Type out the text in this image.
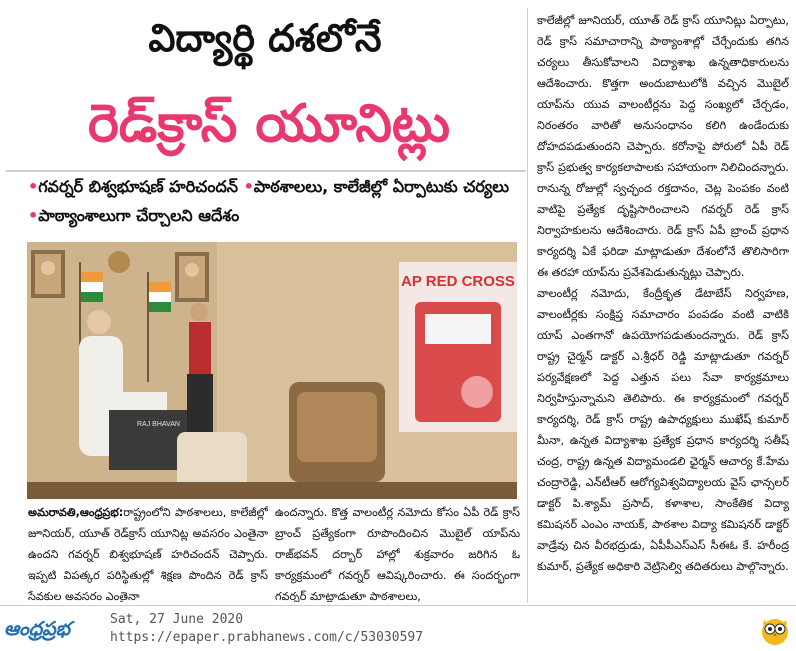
విద్యార్థి దశలోనే
రెడ్‌క్రాస్ యూనిట్లు
•గవర్నర్ బిశ్వభూషణ్ హరిచందన్ •పాఠశాలలు, కాలేజీల్లో ఏర్పాటుకు చర్యలు •పాఠ్యాంశాలుగా చేర్చాలని ఆదేశం
AP RED CROSS
RAJ BHAVAN
అమరావతి,ఆంధ్రప్రభ:రాష్ట్రంలోని పాఠశాలలు, కాలేజీల్లో జూనియర్, యూత్ రెడ్‌క్రాస్ యూనిట్ల అవసరం ఎంతైనా ఉందని గవర్నర్ బిశ్వభూషణ్ హరిచందన్ చెప్పారు. ఇప్పటి విపత్కర పరిస్థితుల్లో శిక్షణ పొందిన రెడ్ క్రాస్ సేవకుల అవసరం ఎంతైనా
ఉందన్నారు. కొత్త వాలంటీర్ల నమోదు కోసం ఏపీ రెడ్ క్రాస్ బ్రాంచ్ ప్రత్యేకంగా రూపొందించిన మొబైల్ యాప్‌ను రాజ్‌భవన్ దర్బార్ హాల్లో శుక్రవారం జరిగిన ఓ కార్యక్రమంలో గవర్నర్ ఆవిష్కరించారు. ఈ సందర్భంగా గవర్నర్ మాట్లాడుతూ పాఠశాలలు,
కాలేజీల్లో జూనియర్, యూత్ రెడ్ క్రాస్ యూనిట్లు ఏర్పాటు, రెడ్ క్రాస్ సమాచారాన్ని పాఠ్యాంశాల్లో చేర్చేందుకు తగిన చర్యలు తీసుకోవాలని విద్యాశాఖ ఉన్నతాధికారులను ఆదేశించారు. కొత్తగా అందుబాటులోకి వచ్చిన మొబైల్ యాప్‌ను యువ వాలంటీర్లను పెద్ద సంఖ్యలో చేర్చడం, నిరంతరం వారితో అనుసంధానం కలిగి ఉండేందుకు దోహదపడుతుందని చెప్పారు. కరోనాపై పోరులో ఏపీ రెడ్ క్రాస్ ప్రభుత్వ కార్యకలాపాలకు సహాయంగా నిలిచిందన్నారు. రానున్న రోజుల్లో స్వచ్ఛంద రక్తదానం, చెట్ల పెంపకం వంటి వాటిపై ప్రత్యేక దృష్టిసారించాలని గవర్నర్ రెడ్ క్రాస్ నిర్వాహకులను ఆదేశించారు. రెడ్ క్రాస్ ఏపీ బ్రాంచ్ ప్రధాన కార్యదర్శి ఏకే ఫరిడా మాట్లాడుతూ దేశంలోనే తొలిసారిగా ఈ తరహా యాప్‌ను ప్రవేశపెడుతున్నట్లు చెప్పారు.
వాలంటీర్ల నమోదు, కేంద్రీకృత డేటాబేస్ నిర్వహణ, వాలంటీర్లకు సంక్షిప్త సమాచారం పంపడం వంటి వాటికి యాప్ ఎంతగానో ఉపయోగపడుతుందన్నారు. రెడ్ క్రాస్ రాష్ట్ర చైర్మన్ డాక్టర్ ఎ.శ్రీధర్ రెడ్డి మాట్లాడుతూ గవర్నర్ పర్యవేక్షణలో పెద్ద ఎత్తున పలు సేవా కార్యక్రమాలు నిర్వహిస్తున్నామని తెలిపారు. ఈ కార్యక్రమంలో గవర్నర్ కార్యదర్శి, రెడ్ క్రాస్ రాష్ట్ర ఉపాధ్యక్షులు ముఖేష్ కుమార్ మీనా, ఉన్నత విద్యాశాఖ ప్రత్యేక ప్రధాన కార్యదర్శి సతీష్ చంద్ర, రాష్ట్ర ఉన్నత విద్యామండలి ఛైర్మన్ ఆచార్య కే.హేమ చంద్రారెడ్డి, ఎన్‌టీఆర్ ఆరోగ్యవిశ్వవిద్యాలయ వైస్ ఛాన్సలర్ డాక్టర్ పి.శ్యామ్ ప్రసాద్, కళాశాల, సాంకేతిక విద్యా కమిషనర్ ఎంఎం నాయక్, పాఠశాల విద్యా కమిషనర్ డాక్టర్ వాడ్రేవు చిన వీరభద్రుడు, ఏపీపీఎస్‌ఎస్ సీఈఓ కే. హరీంద్ర కుమార్, ప్రత్యేక అధికారి వెట్రిసెల్వి తదితరులు పాల్గొన్నారు.
ఆంధ్రప్రభ	Sat, 27 June 2020
https://epaper.prabhanews.com/c/53030597
